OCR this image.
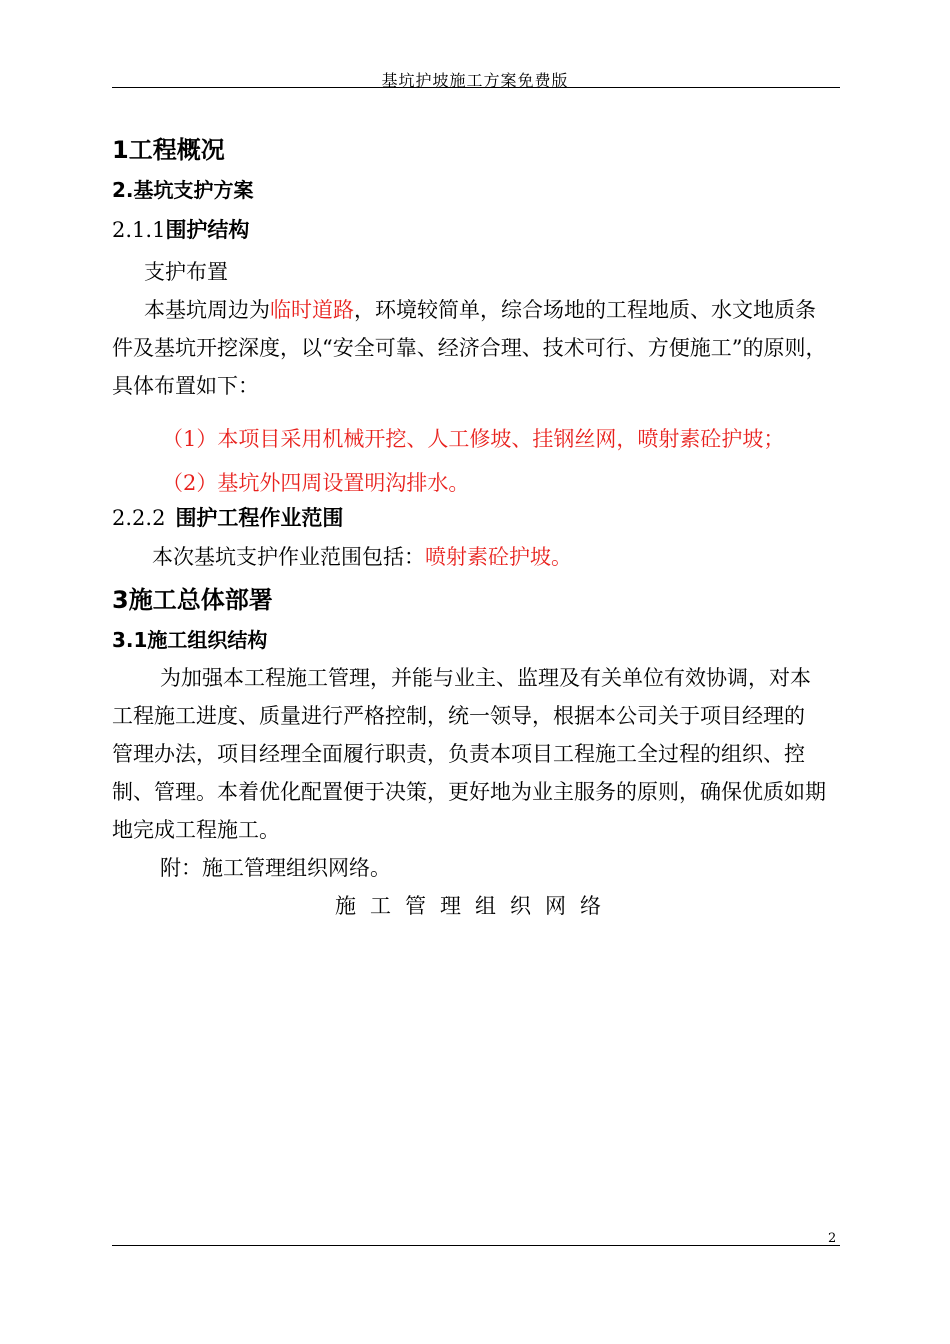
基坑护坡施工方案免费版
1工程概况
2.基坑支护方案
2.1.1围护结构
支护布置
本基坑周边为临时道路，环境较简单，综合场地的工程地质、水文地质条
件及基坑开挖深度，以“安全可靠、经济合理、技术可行、方便施工”的原则，
具体布置如下：
（1）本项目采用机械开挖、人工修坡、挂钢丝网，喷射素砼护坡；
（2）基坑外四周设置明沟排水。
2.2.2 围护工程作业范围
本次基坑支护作业范围包括：喷射素砼护坡。
3施工总体部署
3.1施工组织结构
为加强本工程施工管理，并能与业主、监理及有关单位有效协调，对本
工程施工进度、质量进行严格控制，统一领导，根据本公司关于项目经理的
管理办法，项目经理全面履行职责，负责本项目工程施工全过程的组织、控
制、管理。本着优化配置便于决策，更好地为业主服务的原则，确保优质如期
地完成工程施工。
附：施工管理组织网络。
施工管理组织网络
2
